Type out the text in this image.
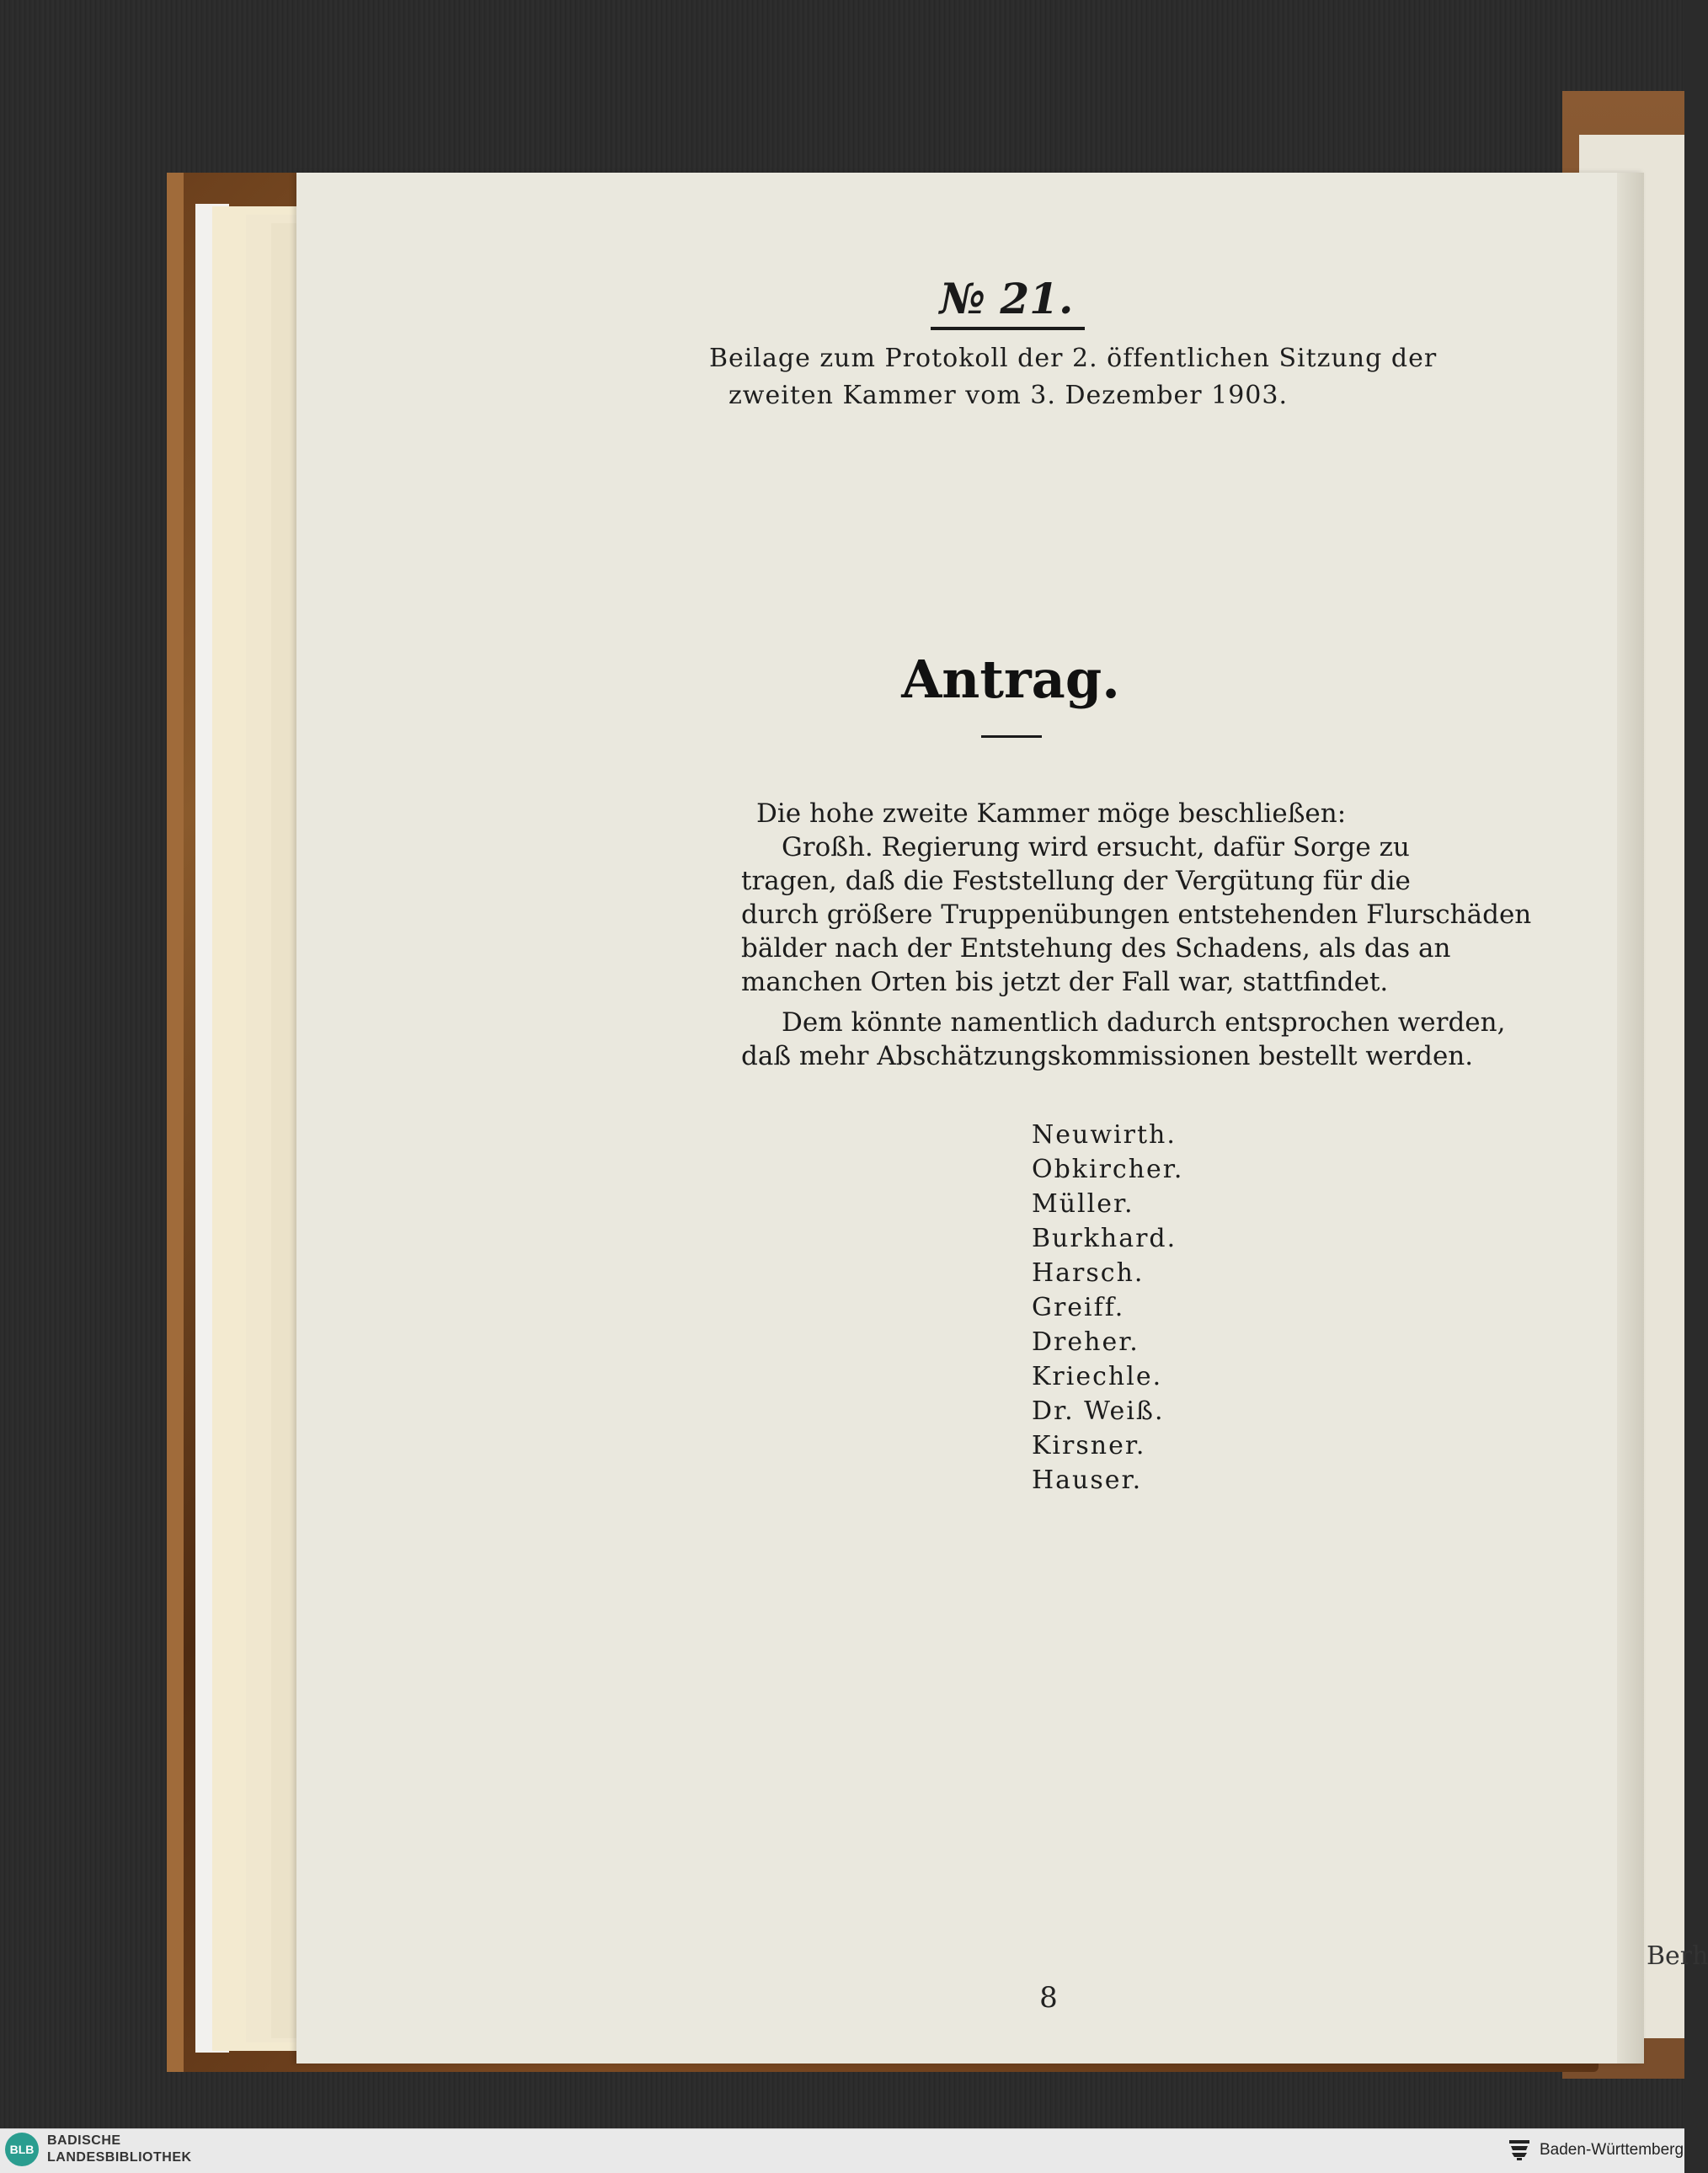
Berh
№ 21.
Beilage zum Protokoll der 2. öffentlichen Sitzung der
zweiten Kammer vom 3. Dezember 1903.
Antrag.
Die hohe zweite Kammer möge beschließen:
Großh. Regierung wird ersucht, dafür Sorge zu
tragen, daß die Feststellung der Vergütung für die
durch größere Truppenübungen entstehenden Flurschäden
bälder nach der Entstehung des Schadens, als das an
manchen Orten bis jetzt der Fall war, stattfindet.
Dem könnte namentlich dadurch entsprochen werden,
daß mehr Abschätzungskommissionen bestellt werden.
Neuwirth.
Obkircher.
Müller.
Burkhard.
Harsch.
Greiff.
Dreher.
Kriechle.
Dr. Weiß.
Kirsner.
Hauser.
8
BLB
BADISCHE
LANDESBIBLIOTHEK	Baden-Württemberg
